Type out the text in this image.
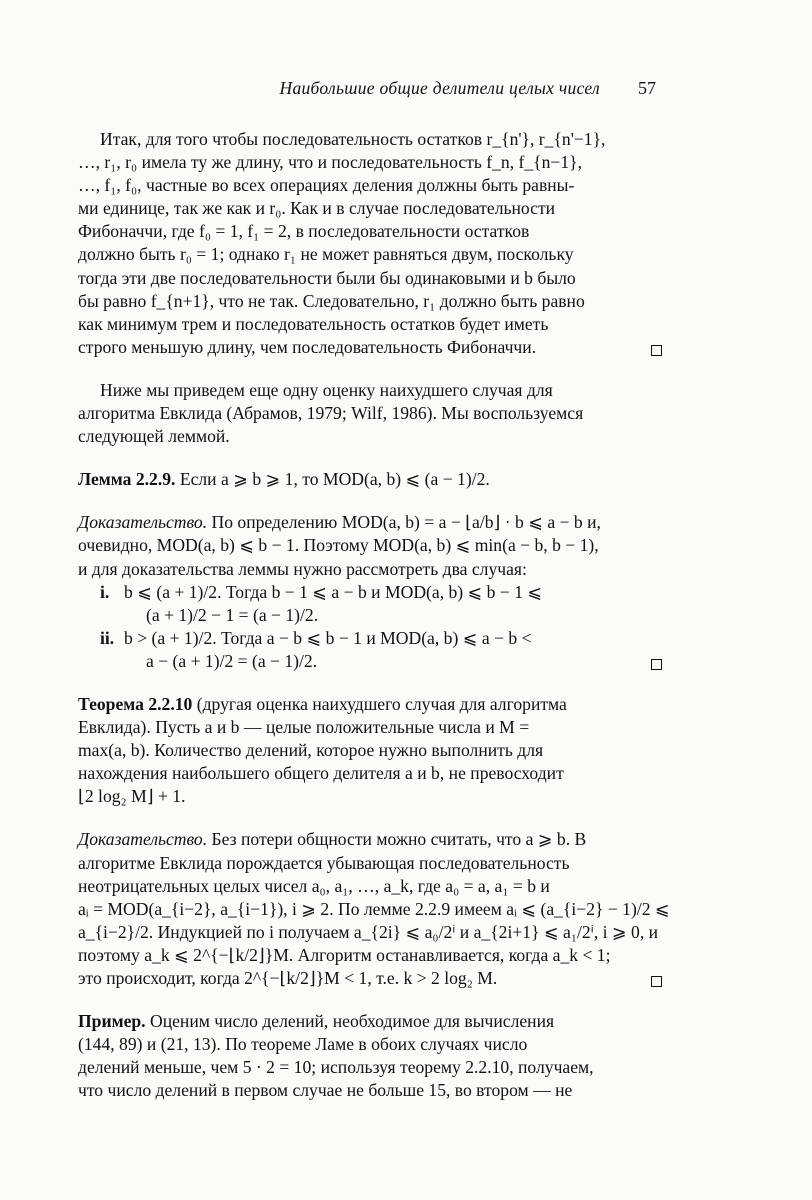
Наибольшие общие делители целых чисел 57
Итак, для того чтобы последовательность остатков r_{n'}, r_{n'−1},
…, r₁, r₀ имела ту же длину, что и последовательность f_n, f_{n−1},
…, f₁, f₀, частные во всех операциях деления должны быть равны-
ми единице, так же как и r₀. Как и в случае последовательности
Фибоначчи, где f₀ = 1, f₁ = 2, в последовательности остатков
должно быть r₀ = 1; однако r₁ не может равняться двум, поскольку
тогда эти две последовательности были бы одинаковыми и b было
бы равно f_{n+1}, что не так. Следовательно, r₁ должно быть равно
как минимум трем и последовательность остатков будет иметь
строго меньшую длину, чем последовательность Фибоначчи.
Ниже мы приведем еще одну оценку наихудшего случая для
алгоритма Евклида (Абрамов, 1979; Wilf, 1986). Мы воспользуемся
следующей леммой.
Лемма 2.2.9. Если a ⩾ b ⩾ 1, то MOD(a, b) ⩽ (a − 1)/2.
Доказательство. По определению MOD(a, b) = a − ⌊a/b⌋ · b ⩽ a − b и,
очевидно, MOD(a, b) ⩽ b − 1. Поэтому MOD(a, b) ⩽ min(a − b, b − 1),
и для доказательства леммы нужно рассмотреть два случая:
i. b ⩽ (a + 1)/2. Тогда b − 1 ⩽ a − b и MOD(a, b) ⩽ b − 1 ⩽
(a + 1)/2 − 1 = (a − 1)/2.
ii. b > (a + 1)/2. Тогда a − b ⩽ b − 1 и MOD(a, b) ⩽ a − b <
a − (a + 1)/2 = (a − 1)/2.
Теорема 2.2.10 (другая оценка наихудшего случая для алгоритма
Евклида). Пусть a и b — целые положительные числа и M =
max(a, b). Количество делений, которое нужно выполнить для
нахождения наибольшего общего делителя a и b, не превосходит
⌊2 log₂ M⌋ + 1.
Доказательство. Без потери общности можно считать, что a ⩾ b. В
алгоритме Евклида порождается убывающая последовательность
неотрицательных целых чисел a₀, a₁, …, a_k, где a₀ = a, a₁ = b и
aᵢ = MOD(a_{i−2}, a_{i−1}), i ⩾ 2. По лемме 2.2.9 имеем aᵢ ⩽ (a_{i−2} − 1)/2 ⩽
a_{i−2}/2. Индукцией по i получаем a_{2i} ⩽ a₀/2ⁱ и a_{2i+1} ⩽ a₁/2ⁱ, i ⩾ 0, и
поэтому a_k ⩽ 2^{−⌊k/2⌋}M. Алгоритм останавливается, когда a_k < 1;
это происходит, когда 2^{−⌊k/2⌋}M < 1, т.е. k > 2 log₂ M.
Пример. Оценим число делений, необходимое для вычисления
(144, 89) и (21, 13). По теореме Ламе в обоих случаях число
делений меньше, чем 5 · 2 = 10; используя теорему 2.2.10, получаем,
что число делений в первом случае не больше 15, во втором — не
